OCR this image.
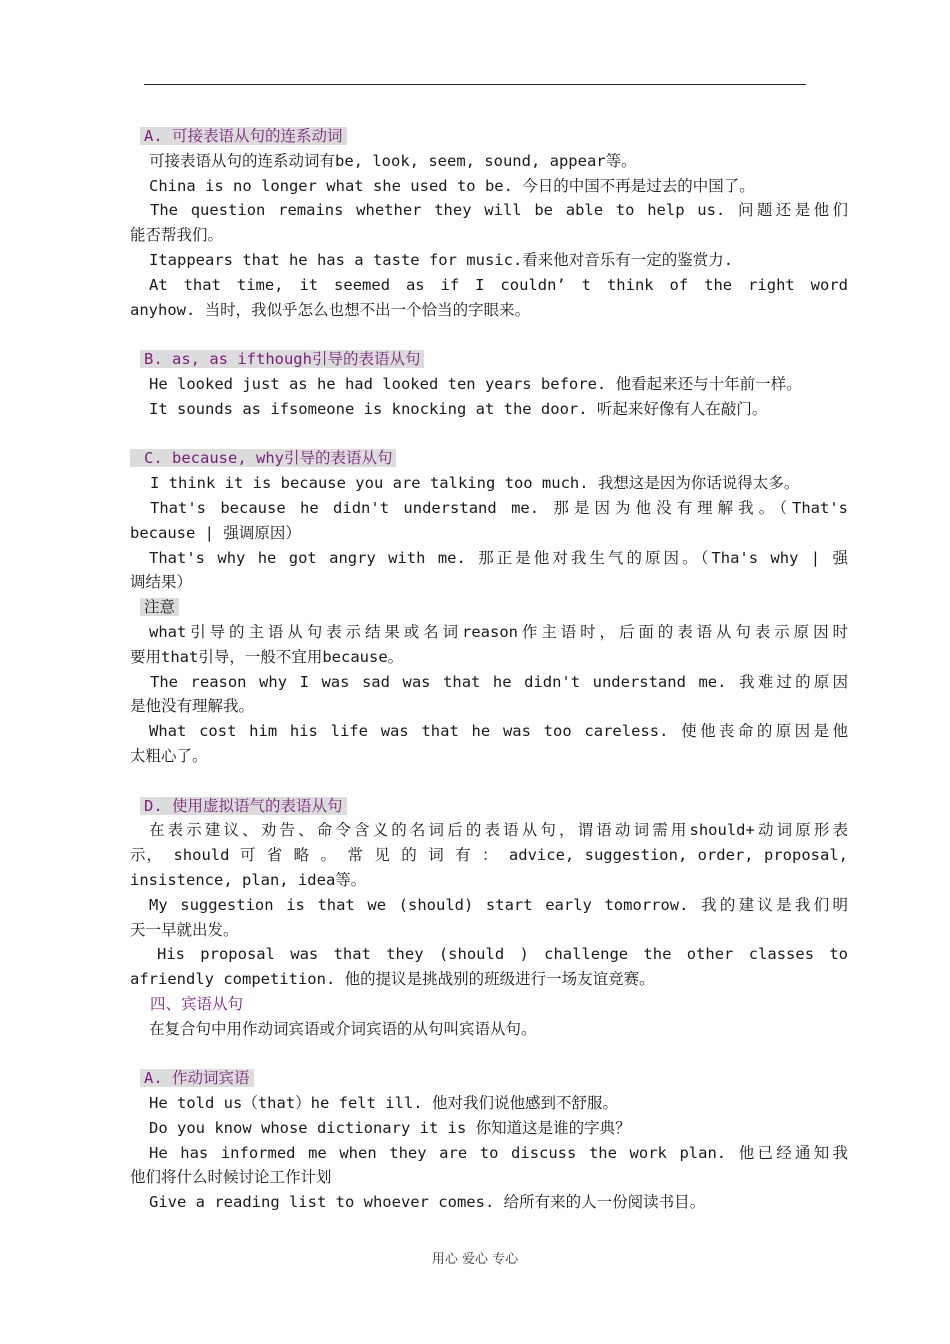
A. 可接表语从句的连系动词
可接表语从句的连系动词有be, look, seem, sound, appear等。
China is no longer what she used to be. 今日的中国不再是过去的中国了。
The question remains whether they will be able to help us. 问题还是他们
能否帮我们。
Itappears that he has a taste for music.看来他对音乐有一定的鉴赏力.
At that time, it seemed as if I couldn’ t think of the right word
anyhow. 当时，我似乎怎么也想不出一个恰当的字眼来。
B. as, as ifthough引导的表语从句
He looked just as he had looked ten years before. 他看起来还与十年前一样。
It sounds as ifsomeone is knocking at the door. 听起来好像有人在敲门。
C. because, why引导的表语从句
I think it is because you are talking too much. 我想这是因为你话说得太多。
That's because he didn't understand me. 那是因为他没有理解我。（That's
because | 强调原因）
That's why he got angry with me. 那正是他对我生气的原因。（Tha's why | 强
调结果）
注意
what引导的主语从句表示结果或名词reason作主语时，后面的表语从句表示原因时
要用that引导，一般不宜用because。
The reason why I was sad was that he didn't understand me. 我难过的原因
是他没有理解我。
What cost him his life was that he was too careless. 使他丧命的原因是他
太粗心了。
D. 使用虚拟语气的表语从句
在表示建议、劝告、命令含义的名词后的表语从句，谓语动词需用should+动词原形表
示， should 可 省 略 。 常 见 的 词 有 ： advice, suggestion, order, proposal,
insistence, plan, idea等。
My suggestion is that we (should) start early tomorrow. 我的建议是我们明
天一早就出发。
His proposal was that they (should ) challenge the other classes to
afriendly competition. 他的提议是挑战别的班级进行一场友谊竞赛。
四、宾语从句
在复合句中用作动词宾语或介词宾语的从句叫宾语从句。
A. 作动词宾语
He told us（that）he felt ill. 他对我们说他感到不舒服。
Do you know whose dictionary it is 你知道这是谁的字典？
He has informed me when they are to discuss the work plan. 他已经通知我
他们将什么时候讨论工作计划
Give a reading list to whoever comes. 给所有来的人一份阅读书目。
用心 爱心 专心
